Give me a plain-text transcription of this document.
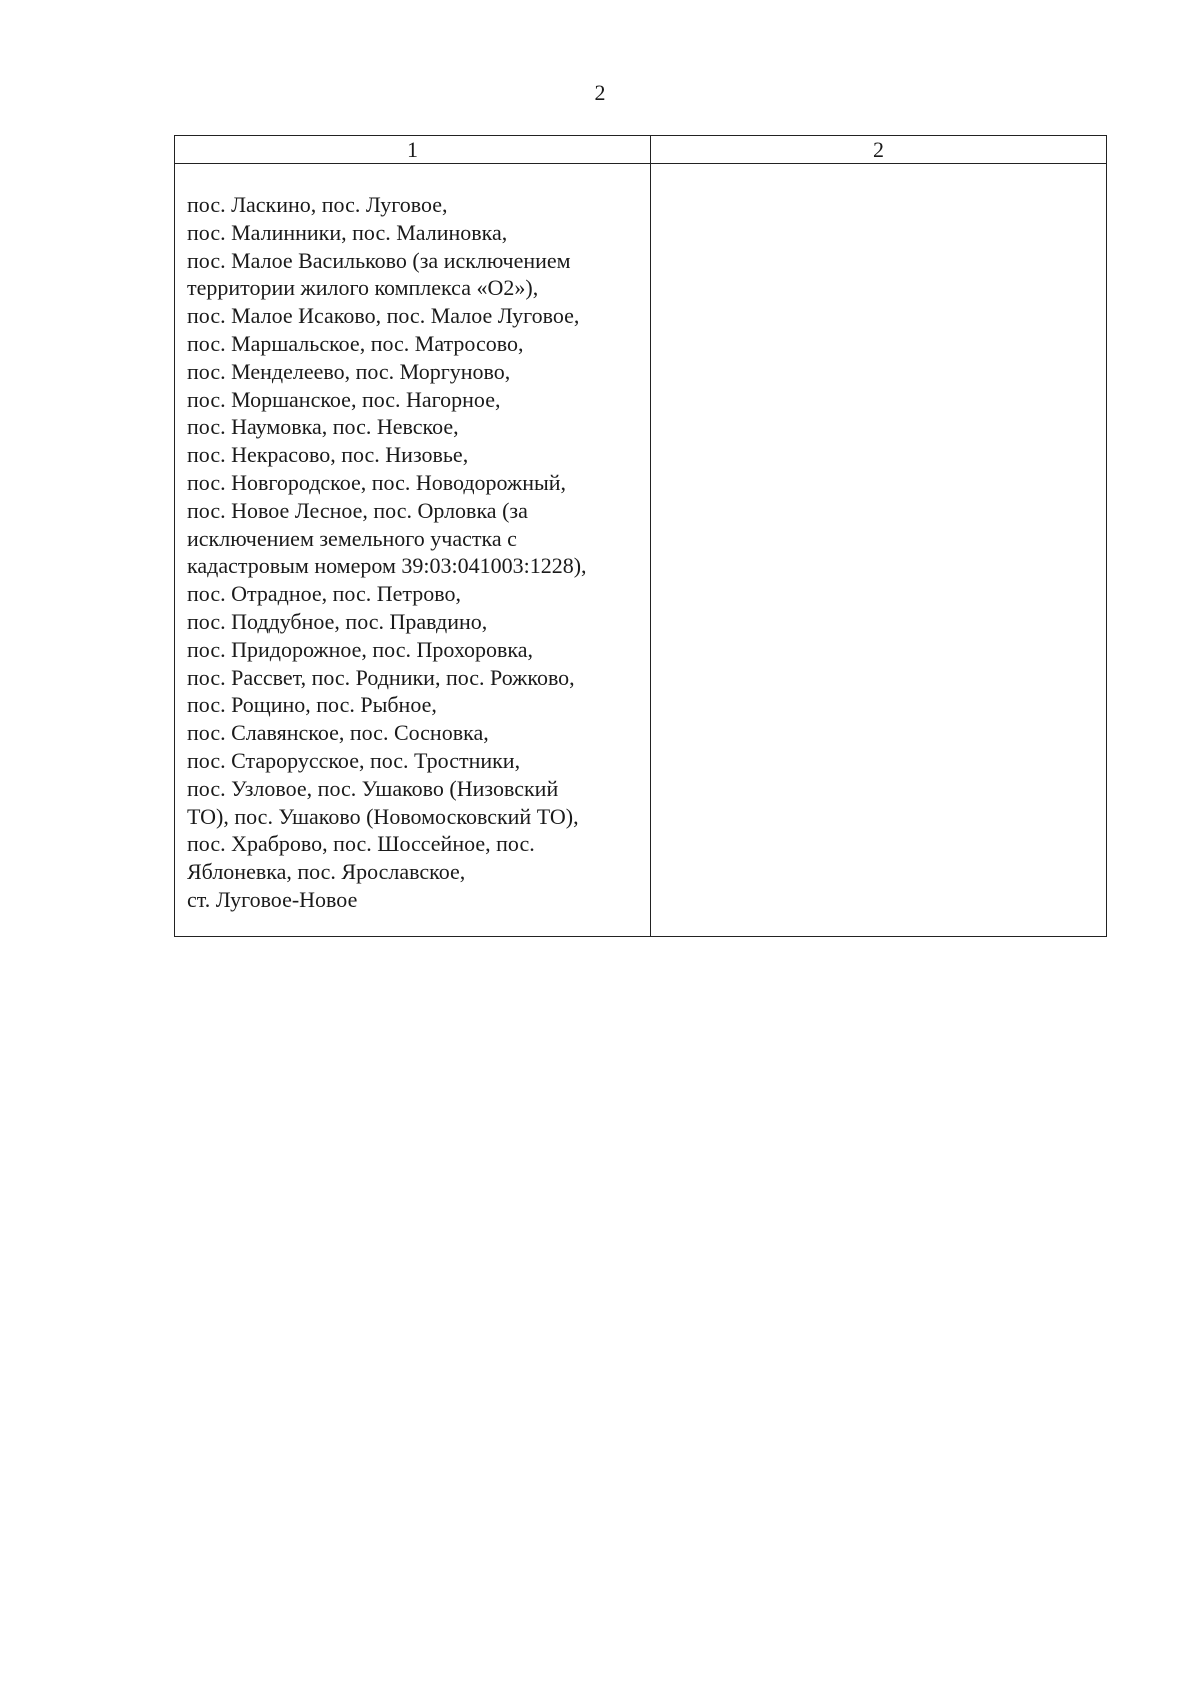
2
1	2
пос. Ласкино, пос. Луговое,
пос. Малинники, пос. Малиновка,
пос. Малое Васильково (за исключением
территории жилого комплекса «О2»),
пос. Малое Исаково, пос. Малое Луговое,
пос. Маршальское, пос. Матросово,
пос. Менделеево, пос. Моргуново,
пос. Моршанское, пос. Нагорное,
пос. Наумовка, пос. Невское,
пос. Некрасово, пос. Низовье,
пос. Новгородское, пос. Новодорожный,
пос. Новое Лесное, пос. Орловка (за
исключением земельного участка с
кадастровым номером 39:03:041003:1228),
пос. Отрадное, пос. Петрово,
пос. Поддубное, пос. Правдино,
пос. Придорожное, пос. Прохоровка,
пос. Рассвет, пос. Родники, пос. Рожково,
пос. Рощино, пос. Рыбное,
пос. Славянское, пос. Сосновка,
пос. Старорусское, пос. Тростники,
пос. Узловое, пос. Ушаково (Низовский
ТО), пос. Ушаково (Новомосковский ТО),
пос. Храброво, пос. Шоссейное, пос.
Яблоневка, пос. Ярославское,
ст. Луговое-Новое
